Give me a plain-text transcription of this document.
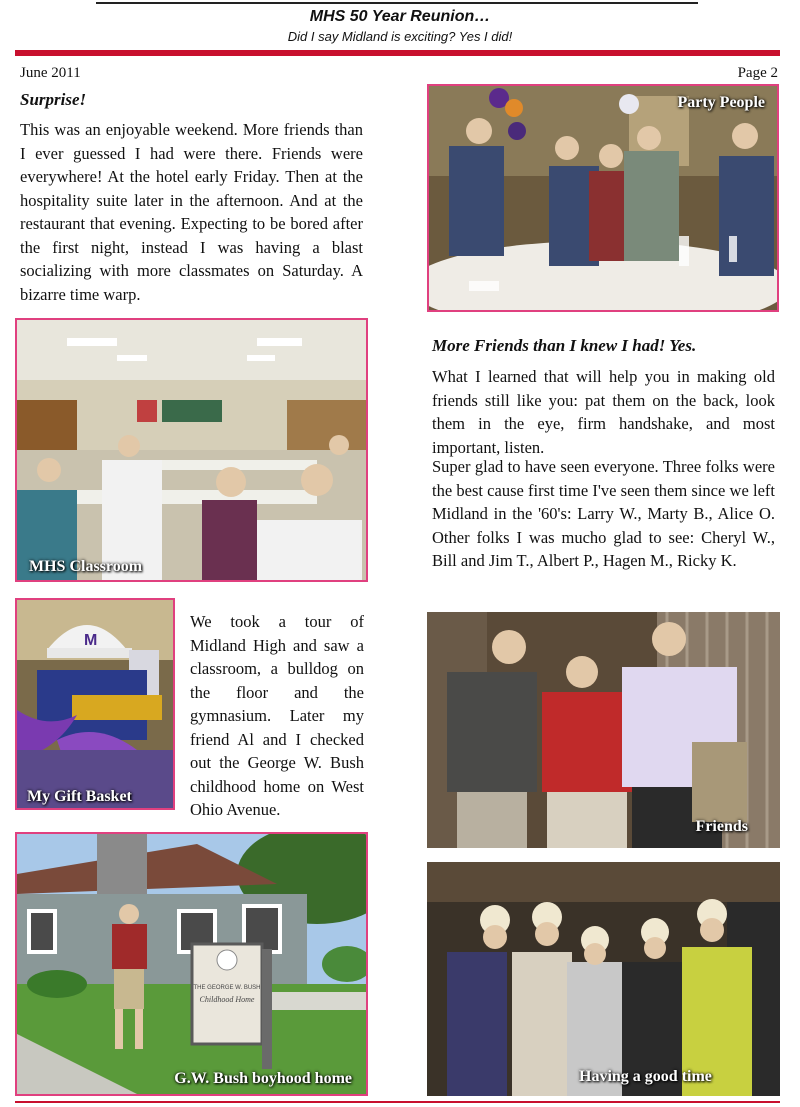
MHS 50 Year Reunion…
Did I say Midland is exciting? Yes I did!
June 2011	Page 2
Surprise!
This was an enjoyable weekend. More friends than I ever guessed I had were there. Friends were everywhere! At the hotel early Friday. Then at the hospitality suite later in the afternoon. And at the restaurant that evening. Expecting to be bored after the first night, instead I was having a blast socializing with more classmates on Saturday. A bizarre time warp.
Party People
More Friends than I knew I had! Yes.
What I learned that will help you in making old friends still like you: pat them on the back, look them in the eye, firm handshake, and most important, listen.
Super glad to have seen everyone. Three folks were the best cause first time I've seen them since we left Midland in the '60's: Larry W., Marty B., Alice O. Other folks I was mucho glad to see: Cheryl W., Bill and Jim T., Albert P., Hagen M., Ricky K.
MHS Classroom
M
My Gift Basket
We took a tour of Midland High and saw a classroom, a bulldog on the floor and the gymnasium. Later my friend Al and I checked out the George W. Bush childhood home on West Ohio Avenue.
THE GEORGE W. BUSH
Childhood Home
G.W. Bush boyhood home
Friends
Having a good time
